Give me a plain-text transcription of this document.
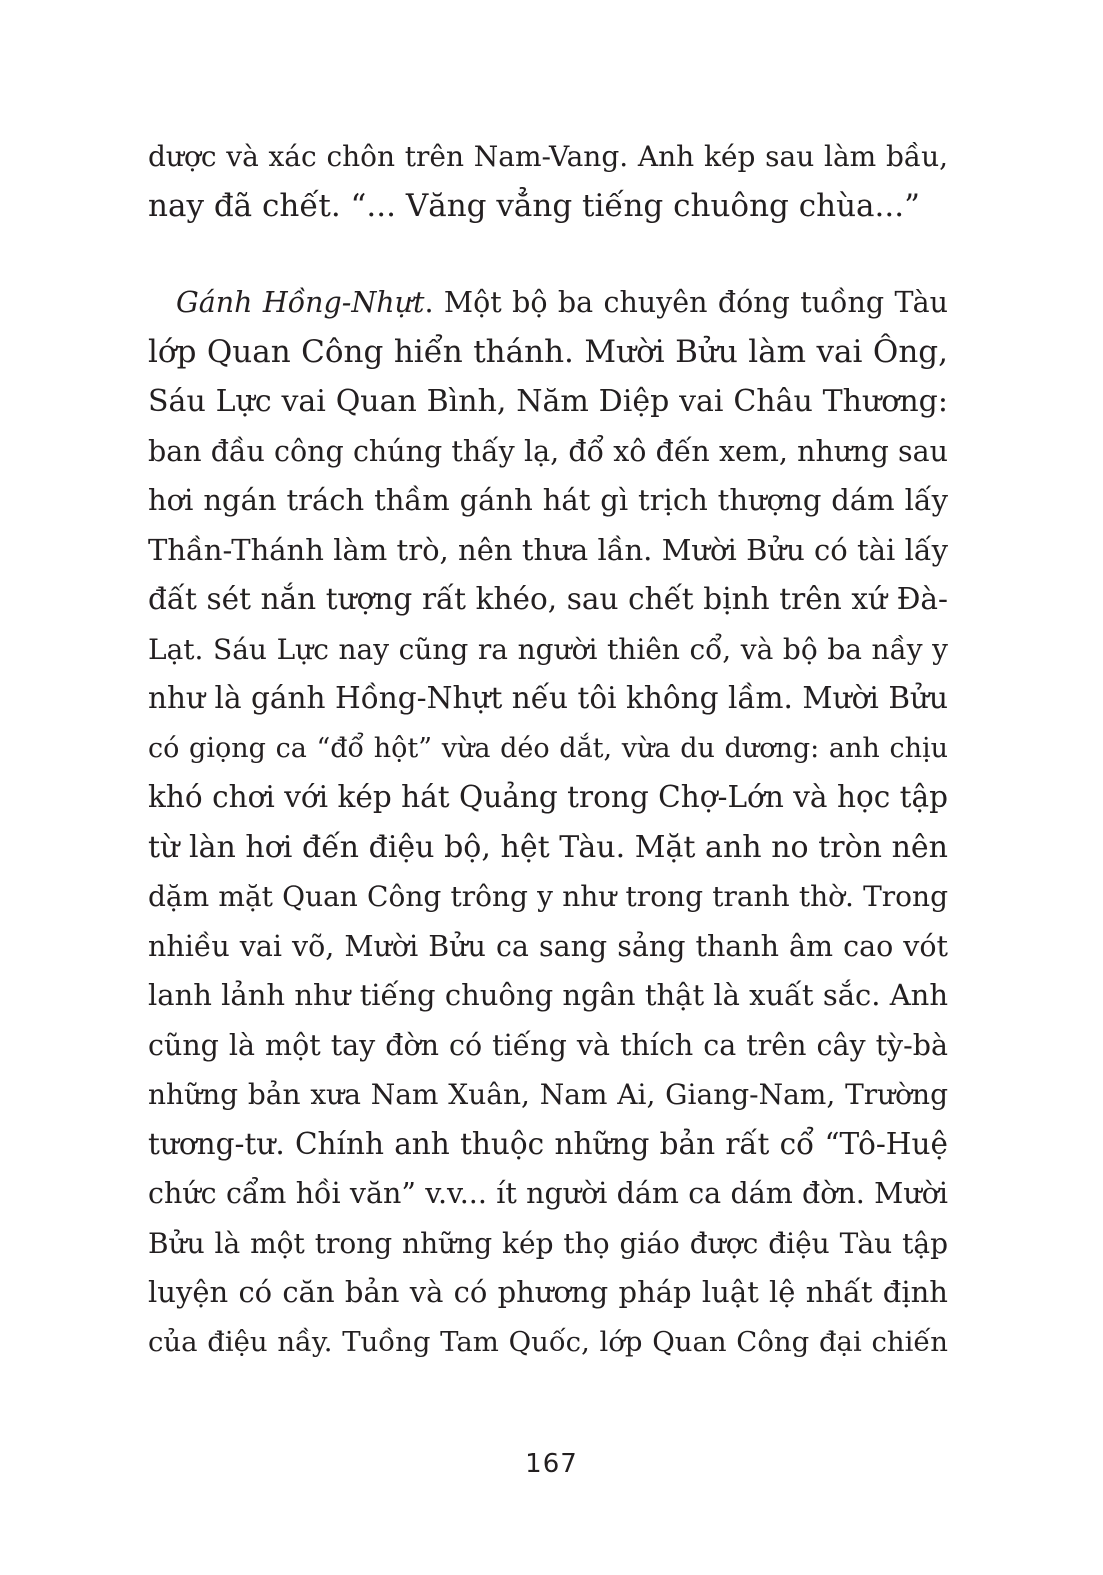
dược và xác chôn trên Nam-Vang. Anh kép sau làm bầu,
nay đã chết. “... Văng vẳng tiếng chuông chùa...”
Gánh Hồng-Nhựt. Một bộ ba chuyên đóng tuồng Tàu
lớp Quan Công hiển thánh. Mười Bửu làm vai Ông,
Sáu Lực vai Quan Bình, Năm Diệp vai Châu Thương:
ban đầu công chúng thấy lạ, đổ xô đến xem, nhưng sau
hơi ngán trách thầm gánh hát gì trịch thượng dám lấy
Thần-Thánh làm trò, nên thưa lần. Mười Bửu có tài lấy
đất sét nắn tượng rất khéo, sau chết bịnh trên xứ Đà-
Lạt. Sáu Lực nay cũng ra người thiên cổ, và bộ ba nầy y
như là gánh Hồng-Nhựt nếu tôi không lầm. Mười Bửu
có giọng ca “đổ hột” vừa déo dắt, vừa du dương: anh chịu
khó chơi với kép hát Quảng trong Chợ-Lớn và học tập
từ làn hơi đến điệu bộ, hệt Tàu. Mặt anh no tròn nên
dặm mặt Quan Công trông y như trong tranh thờ. Trong
nhiều vai võ, Mười Bửu ca sang sảng thanh âm cao vót
lanh lảnh như tiếng chuông ngân thật là xuất sắc. Anh
cũng là một tay đờn có tiếng và thích ca trên cây tỳ-bà
những bản xưa Nam Xuân, Nam Ai, Giang-Nam, Trường
tương-tư. Chính anh thuộc những bản rất cổ “Tô-Huệ
chức cẩm hồi văn” v.v... ít người dám ca dám đờn. Mười
Bửu là một trong những kép thọ giáo được điệu Tàu tập
luyện có căn bản và có phương pháp luật lệ nhất định
của điệu nầy. Tuồng Tam Quốc, lớp Quan Công đại chiến
167
